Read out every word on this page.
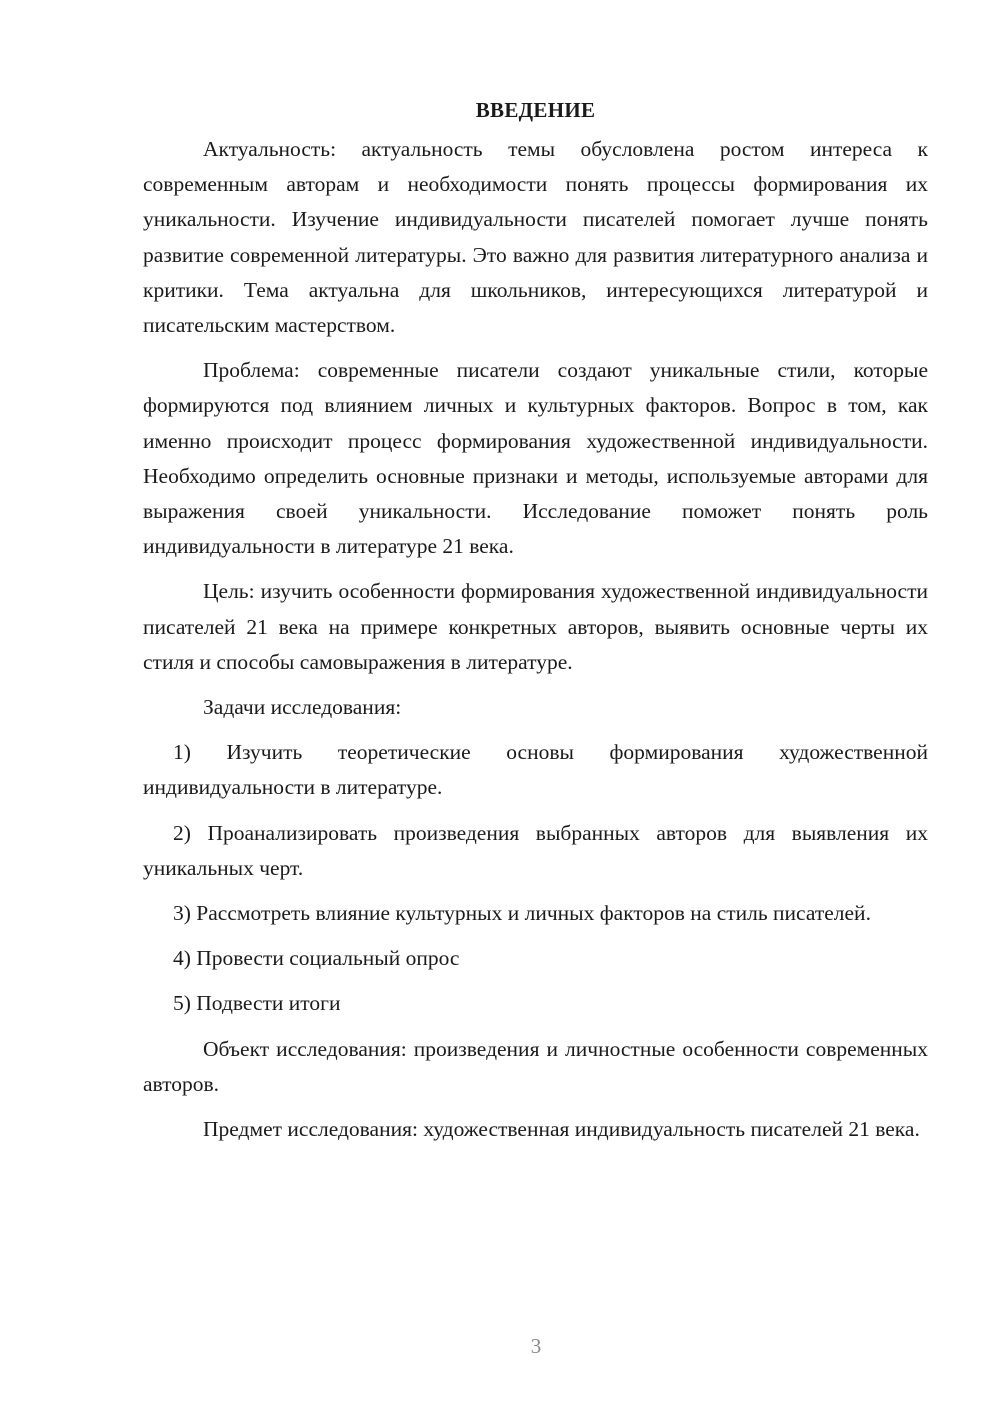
ВВЕДЕНИЕ

Актуальность: актуальность темы обусловлена ростом интереса к современным авторам и необходимости понять процессы формирования их уникальности. Изучение индивидуальности писателей помогает лучше понять развитие современной литературы. Это важно для развития литературного анализа и критики. Тема актуальна для школьников, интересующихся литературой и писательским мастерством.

Проблема: современные писатели создают уникальные стили, которые формируются под влиянием личных и культурных факторов. Вопрос в том, как именно происходит процесс формирования художественной индивидуальности. Необходимо определить основные признаки и методы, используемые авторами для выражения своей уникальности. Исследование поможет понять роль индивидуальности в литературе 21 века.

Цель: изучить особенности формирования художественной индивидуальности писателей 21 века на примере конкретных авторов, выявить основные черты их стиля и способы самовыражения в литературе.

Задачи исследования:

1) Изучить теоретические основы формирования художественной индивидуальности в литературе.

2) Проанализировать произведения выбранных авторов для выявления их уникальных черт.

3) Рассмотреть влияние культурных и личных факторов на стиль писателей.

4) Провести социальный опрос

5) Подвести итоги

Объект исследования: произведения и личностные особенности современных авторов.

Предмет исследования: художественная индивидуальность писателей 21 века.

3
